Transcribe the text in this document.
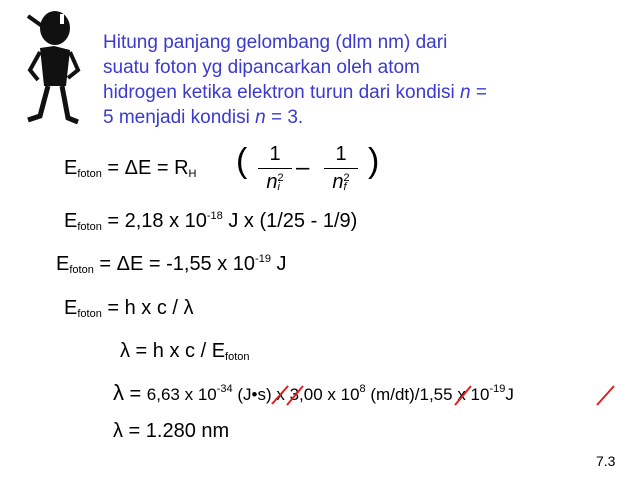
Hitung panjang gelombang (dlm nm) dari
suatu foton yg dipancarkan oleh atom
hidrogen ketika elektron turun dari kondisi n =
5 menjadi kondisi n = 3.
$E_{foton} = \Delta E = R_H$ (	1
n 2
i
–	1
n 2
f
)
$E_{foton} = 2,18$ x $10^{-18}$ J x (1/25 - 1/9)
$E_{foton} = \Delta E = -1,55$ x $10^{-19}$ J
$E_{foton} = h$ x c / λ
λ = h x c / $E_{foton}$
λ = 6,63 x $10^{-34}$ (J•s) x 3,00 x $10^8$ (m/dt)/1,55 x $10^{-19}J$
λ = 1.280 nm
7.3
